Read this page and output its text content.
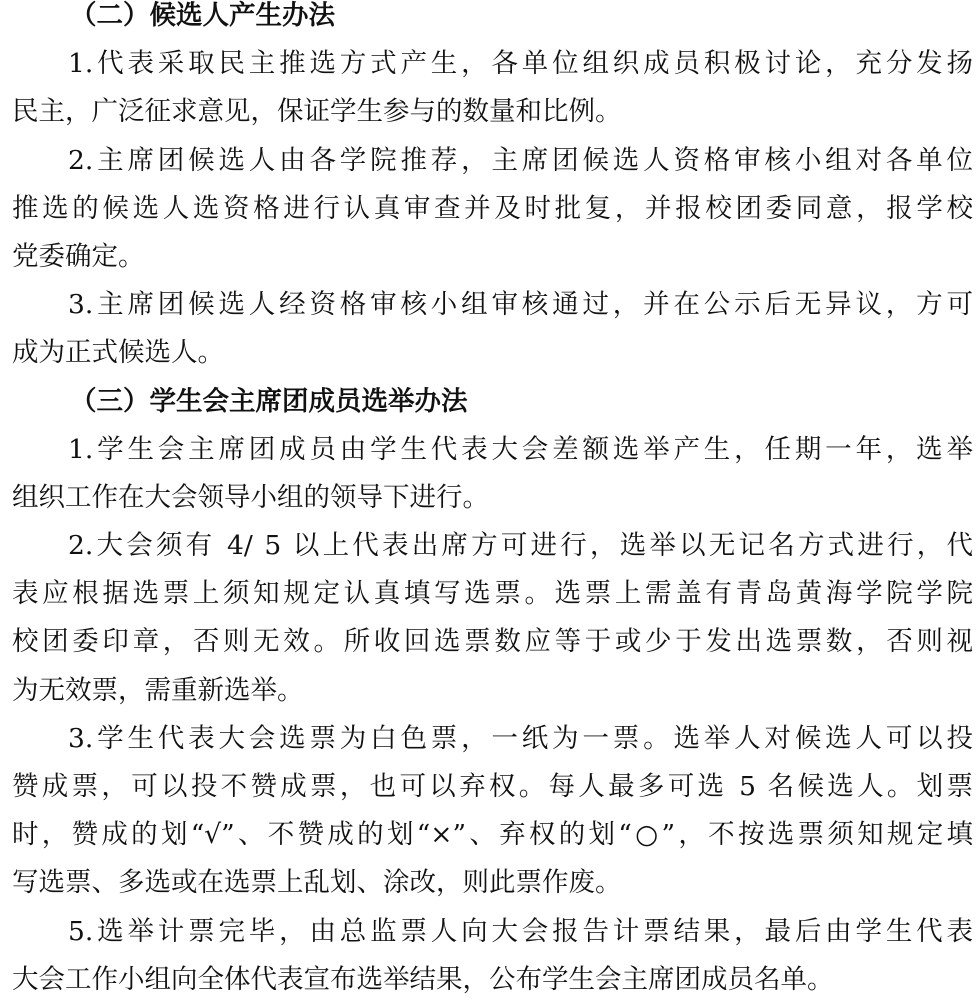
（二）候选人产生办法
1.代表采取民主推选方式产生，各单位组织成员积极讨论，充分发扬
民主，广泛征求意见，保证学生参与的数量和比例。
2.主席团候选人由各学院推荐，主席团候选人资格审核小组对各单位
推选的候选人选资格进行认真审查并及时批复，并报校团委同意，报学校
党委确定。
3.主席团候选人经资格审核小组审核通过，并在公示后无异议，方可
成为正式候选人。
（三）学生会主席团成员选举办法
1.学生会主席团成员由学生代表大会差额选举产生，任期一年，选举
组织工作在大会领导小组的领导下进行。
2.大会须有 4/ 5 以上代表出席方可进行，选举以无记名方式进行，代
表应根据选票上须知规定认真填写选票。选票上需盖有青岛黄海学院学院
校团委印章，否则无效。所收回选票数应等于或少于发出选票数，否则视
为无效票，需重新选举。
3.学生代表大会选票为白色票，一纸为一票。选举人对候选人可以投
赞成票，可以投不赞成票，也可以弃权。每人最多可选 5 名候选人。划票
时，赞成的划“√”、不赞成的划“×”、弃权的划“○”，不按选票须知规定填
写选票、多选或在选票上乱划、涂改，则此票作废。
5.选举计票完毕，由总监票人向大会报告计票结果，最后由学生代表
大会工作小组向全体代表宣布选举结果，公布学生会主席团成员名单。
